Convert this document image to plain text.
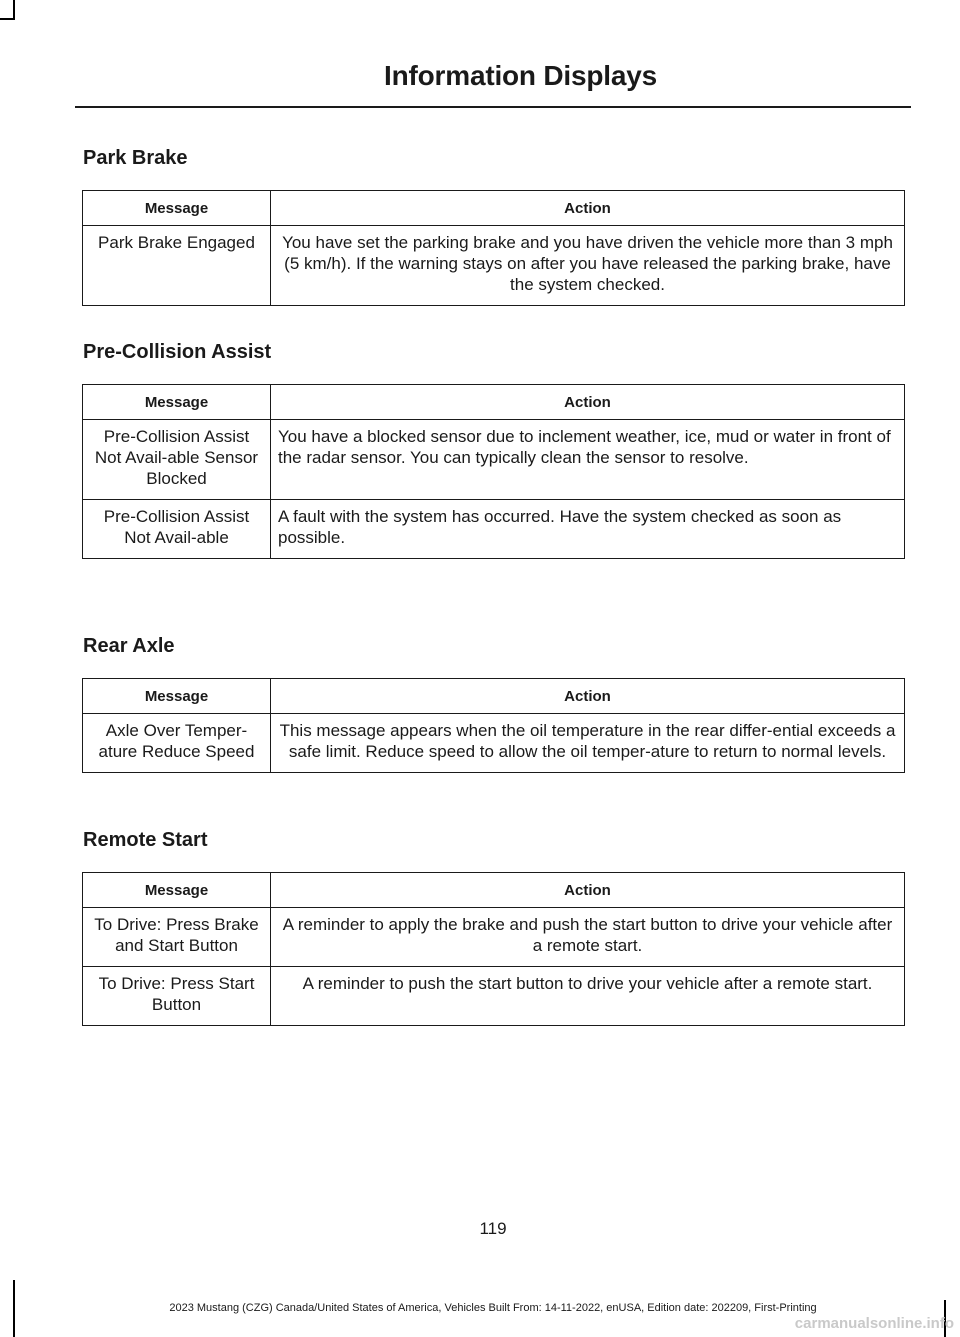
Information Displays
Park Brake
Message	Action
Park Brake Engaged	You have set the parking brake and you have driven the vehicle more than 3 mph (5 km/h). If the warning stays on after you have released the parking brake, have the system checked.
Pre-Collision Assist
Message	Action
Pre-Collision Assist Not Avail-able Sensor Blocked	You have a blocked sensor due to inclement weather, ice, mud or water in front of the radar sensor. You can typically clean the sensor to resolve.
Pre-Collision Assist Not Avail-able	A fault with the system has occurred. Have the system checked as soon as possible.
Rear Axle
Message	Action
Axle Over Temper-ature Reduce Speed	This message appears when the oil temperature in the rear differ-ential exceeds a safe limit. Reduce speed to allow the oil temper-ature to return to normal levels.
Remote Start
Message	Action
To Drive: Press Brake and Start Button	A reminder to apply the brake and push the start button to drive your vehicle after a remote start.
To Drive: Press Start Button	A reminder to push the start button to drive your vehicle after a remote start.
119
2023 Mustang (CZG) Canada/United States of America, Vehicles Built From: 14-11-2022, enUSA, Edition date: 202209, First-Printing
carmanualsonline.info
